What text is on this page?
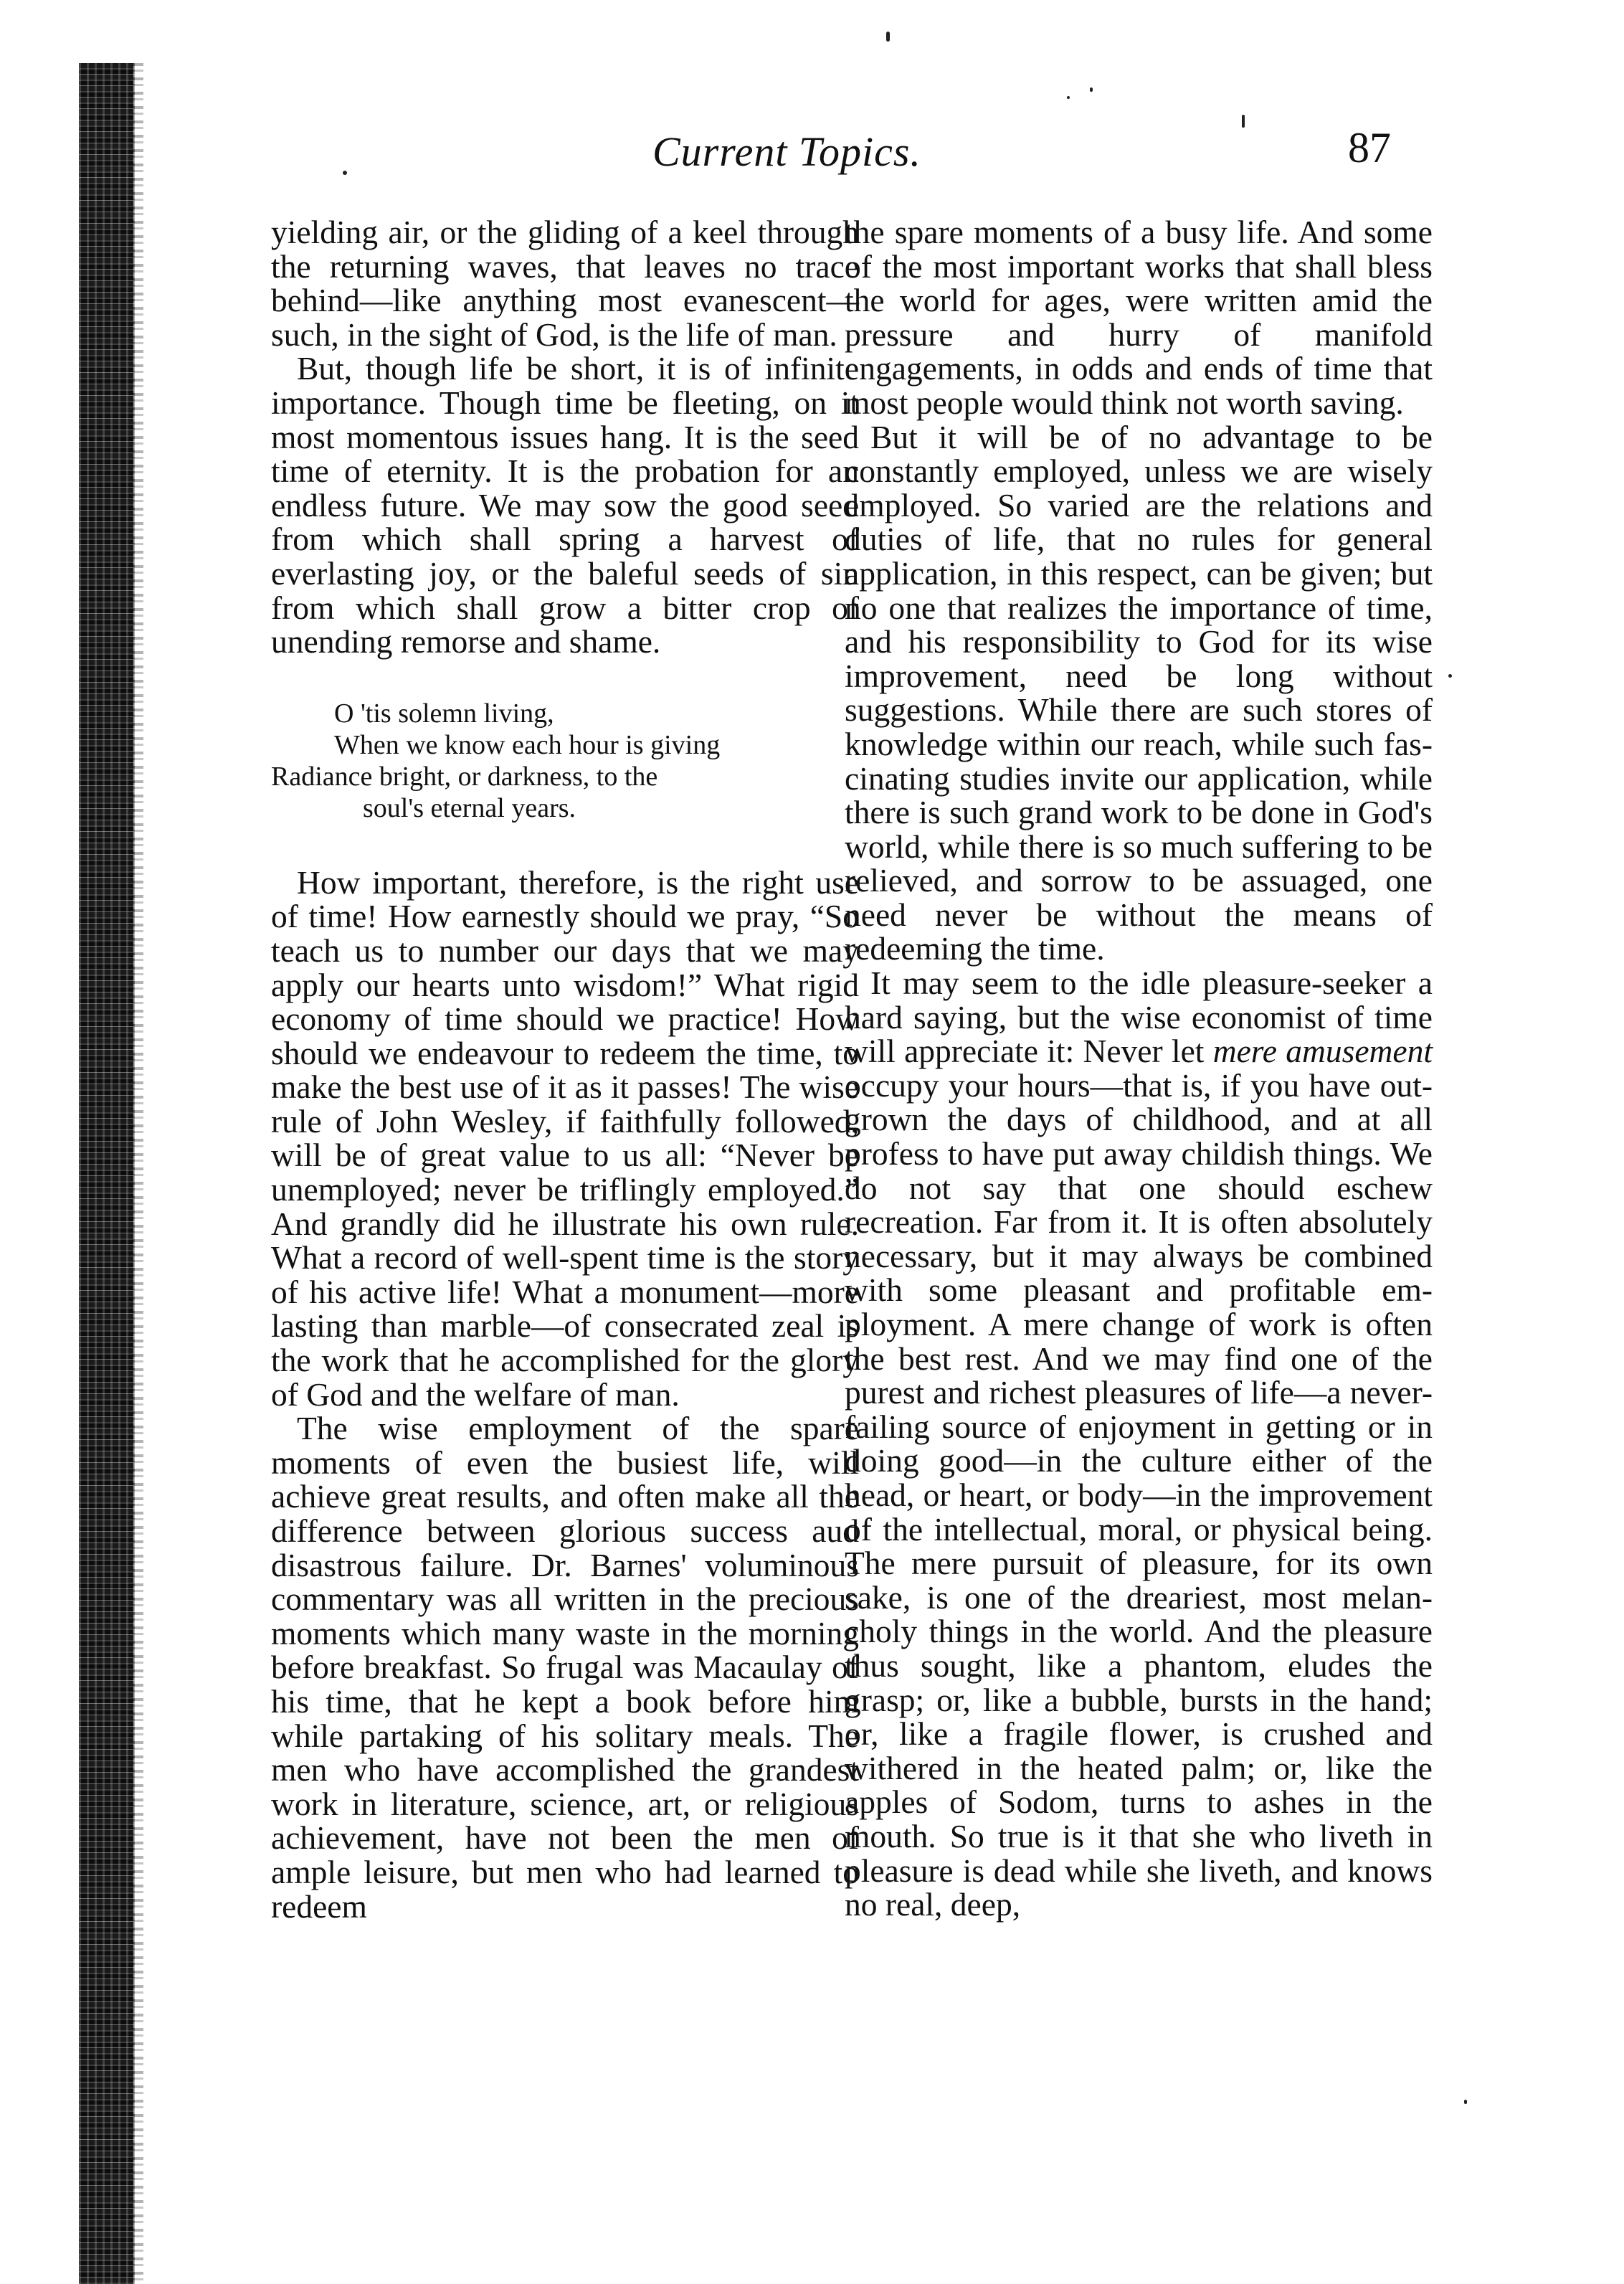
Current Topics.	87

yielding air, or the gliding of a keel through the returning waves, that leaves no trace behind—like anything most evanescent—such, in the sight of God, is the life of man.

But, though life be short, it is of infinite importance. Though time be fleeting, on it most momentous issues hang. It is the seed time of eternity. It is the probation for an endless future. We may sow the good seed from which shall spring a harvest of everlasting joy, or the baleful seeds of sin from which shall grow a bitter crop of unending remorse and shame.

O 'tis solemn living,
When we know each hour is giving
Radiance bright, or darkness, to the
soul's eternal years.

How important, therefore, is the right use of time! How earnestly should we pray, “So teach us to number our days that we may apply our hearts unto wisdom!” What rigid economy of time should we practice! How should we endeavour to redeem the time, to make the best use of it as it passes! The wise rule of John Wesley, if faithfully followed, will be of great value to us all: “Never be unemployed; never be triflingly employed.” And grandly did he illustrate his own rule. What a record of well-spent time is the story of his active life! What a monument—more lasting than marble—of consecrated zeal is the work that he accomplished for the glory of God and the welfare of man.

The wise employment of the spare moments of even the busiest life, will achieve great results, and often make all the difference between glorious success aud disastrous failure. Dr. Barnes' voluminous commentary was all written in the precious moments which many waste in the morning before breakfast. So frugal was Macaulay of his time, that he kept a book before him while partaking of his solitary meals. The men who have accomplished the grandest work in literature, science, art, or religious achievement, have not been the men of ample leisure, but men who had learned to redeem

the spare moments of a busy life. And some of the most important works that shall bless the world for ages, were written amid the pressure and hurry of manifold engagements, in odds and ends of time that most people would think not worth saving.

But it will be of no advantage to be constantly employed, unless we are wisely employed. So varied are the relations and duties of life, that no rules for general application, in this respect, can be given; but no one that realizes the importance of time, and his responsibility to God for its wise improvement, need be long without suggestions. While there are such stores of knowledge within our reach, while such fascinating studies invite our application, while there is such grand work to be done in God's world, while there is so much suffering to be relieved, and sorrow to be assuaged, one need never be without the means of redeeming the time.

It may seem to the idle pleasure-seeker a hard saying, but the wise economist of time will appreciate it: Never let mere amusement occupy your hours—that is, if you have outgrown the days of childhood, and at all profess to have put away childish things. We do not say that one should eschew recreation. Far from it. It is often absolutely necessary, but it may always be combined with some pleasant and profitable employment. A mere change of work is often the best rest. And we may find one of the purest and richest pleasures of life—a never-failing source of enjoyment in getting or in doing good—in the culture either of the head, or heart, or body—in the improvement of the intellectual, moral, or physical being. The mere pursuit of pleasure, for its own sake, is one of the dreariest, most melancholy things in the world. And the pleasure thus sought, like a phantom, eludes the grasp; or, like a bubble, bursts in the hand; or, like a fragile flower, is crushed and withered in the heated palm; or, like the apples of Sodom, turns to ashes in the mouth. So true is it that she who liveth in pleasure is dead while she liveth, and knows no real, deep,
